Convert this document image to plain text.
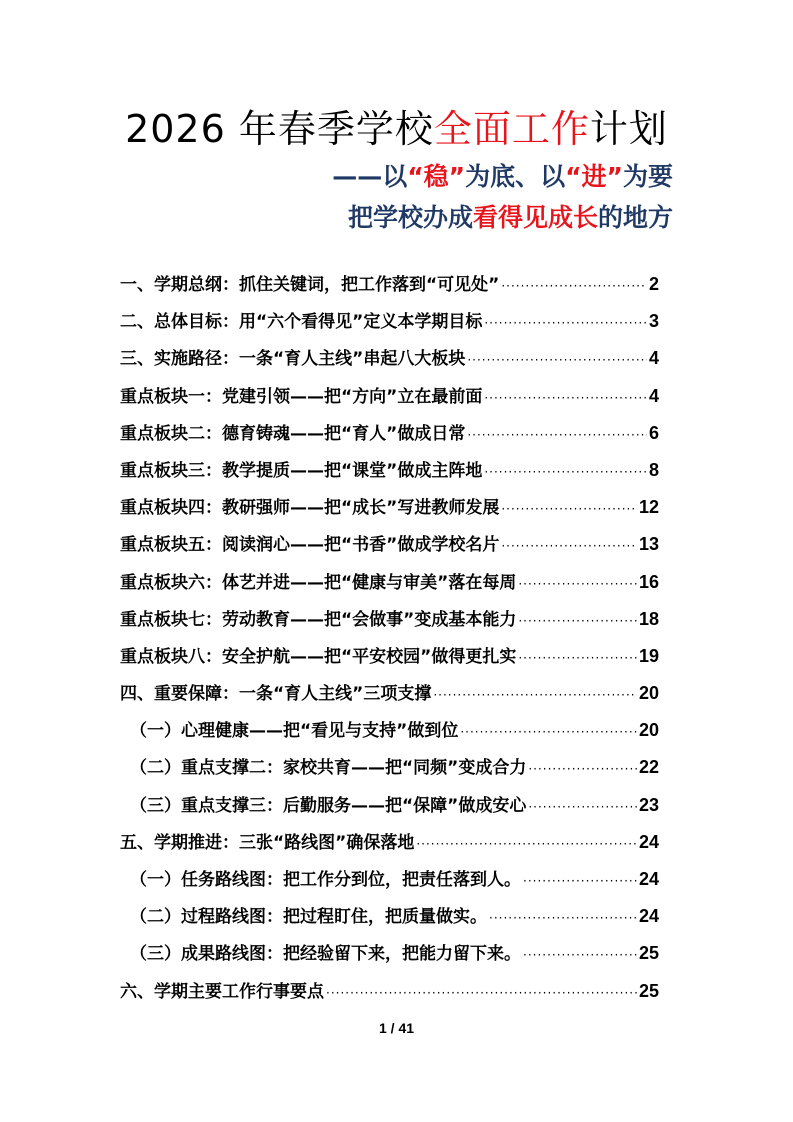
2026 年春季学校全面工作计划
——以“稳”为底、以“进”为要
把学校办成看得见成长的地方
一、学期总纲：抓住关键词，把工作落到“可见处” ·····	2
二、总体目标：用“六个看得见”定义本学期目标 ·····	3
三、实施路径：一条“育人主线”串起八大板块 ·····	4
重点板块一：党建引领——把“方向”立在最前面 ·····	4
重点板块二：德育铸魂——把“育人”做成日常 ·····	6
重点板块三：教学提质——把“课堂”做成主阵地 ·····	8
重点板块四：教研强师——把“成长”写进教师发展 ·····	12
重点板块五：阅读润心——把“书香”做成学校名片 ·····	13
重点板块六：体艺并进——把“健康与审美”落在每周 ·····	16
重点板块七：劳动教育——把“会做事”变成基本能力 ·····	18
重点板块八：安全护航——把“平安校园”做得更扎实 ·····	19
四、重要保障：一条“育人主线”三项支撑 ·····	20
（一）心理健康——把“看见与支持”做到位 ·····	20
（二）重点支撑二：家校共育——把“同频”变成合力 ·····	22
（三）重点支撑三：后勤服务——把“保障”做成安心 ·····	23
五、学期推进：三张“路线图”确保落地 ·····	24
（一）任务路线图：把工作分到位，把责任落到人。 ·····	24
（二）过程路线图：把过程盯住，把质量做实。 ·····	24
（三）成果路线图：把经验留下来，把能力留下来。 ·····	25
六、学期主要工作行事要点 ·····	25
1 / 41
